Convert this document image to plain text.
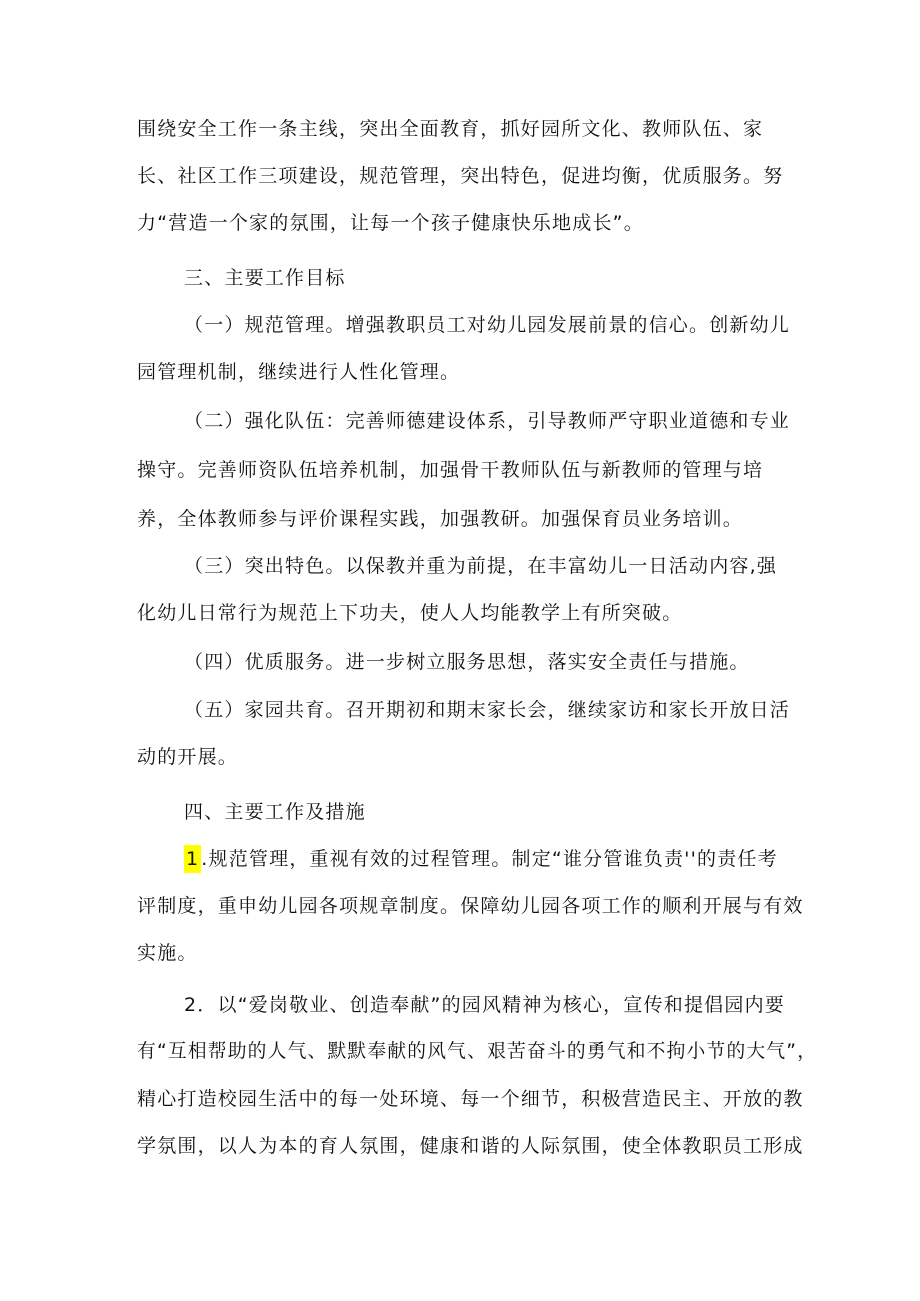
围绕安全工作一条主线，突出全面教育，抓好园所文化、教师队伍、家
长、社区工作三项建设，规范管理，突出特色，促进均衡，优质服务。努
力“营造一个家的氛围，让每一个孩子健康快乐地成长”。
三、主要工作目标
（一）规范管理。增强教职员工对幼儿园发展前景的信心。创新幼儿
园管理机制，继续进行人性化管理。
（二）强化队伍：完善师德建设体系，引导教师严守职业道德和专业
操守。完善师资队伍培养机制，加强骨干教师队伍与新教师的管理与培
养，全体教师参与评价课程实践，加强教研。加强保育员业务培训。
（三）突出特色。以保教并重为前提，在丰富幼儿一日活动内容,强
化幼儿日常行为规范上下功夫，使人人均能教学上有所突破。
（四）优质服务。进一步树立服务思想，落实安全责任与措施。
（五）家园共育。召开期初和期末家长会，继续家访和家长开放日活
动的开展。
四、主要工作及措施
1 .规范管理，重视有效的过程管理。制定“谁分管谁负责''的责任考
评制度，重申幼儿园各项规章制度。保障幼儿园各项工作的顺利开展与有效
实施。
2．以“爱岗敬业、创造奉献”的园风精神为核心，宣传和提倡园内要
有“互相帮助的人气、默默奉献的风气、艰苦奋斗的勇气和不拘小节的大气”，
精心打造校园生活中的每一处环境、每一个细节，积极营造民主、开放的教
学氛围，以人为本的育人氛围，健康和谐的人际氛围，使全体教职员工形成
